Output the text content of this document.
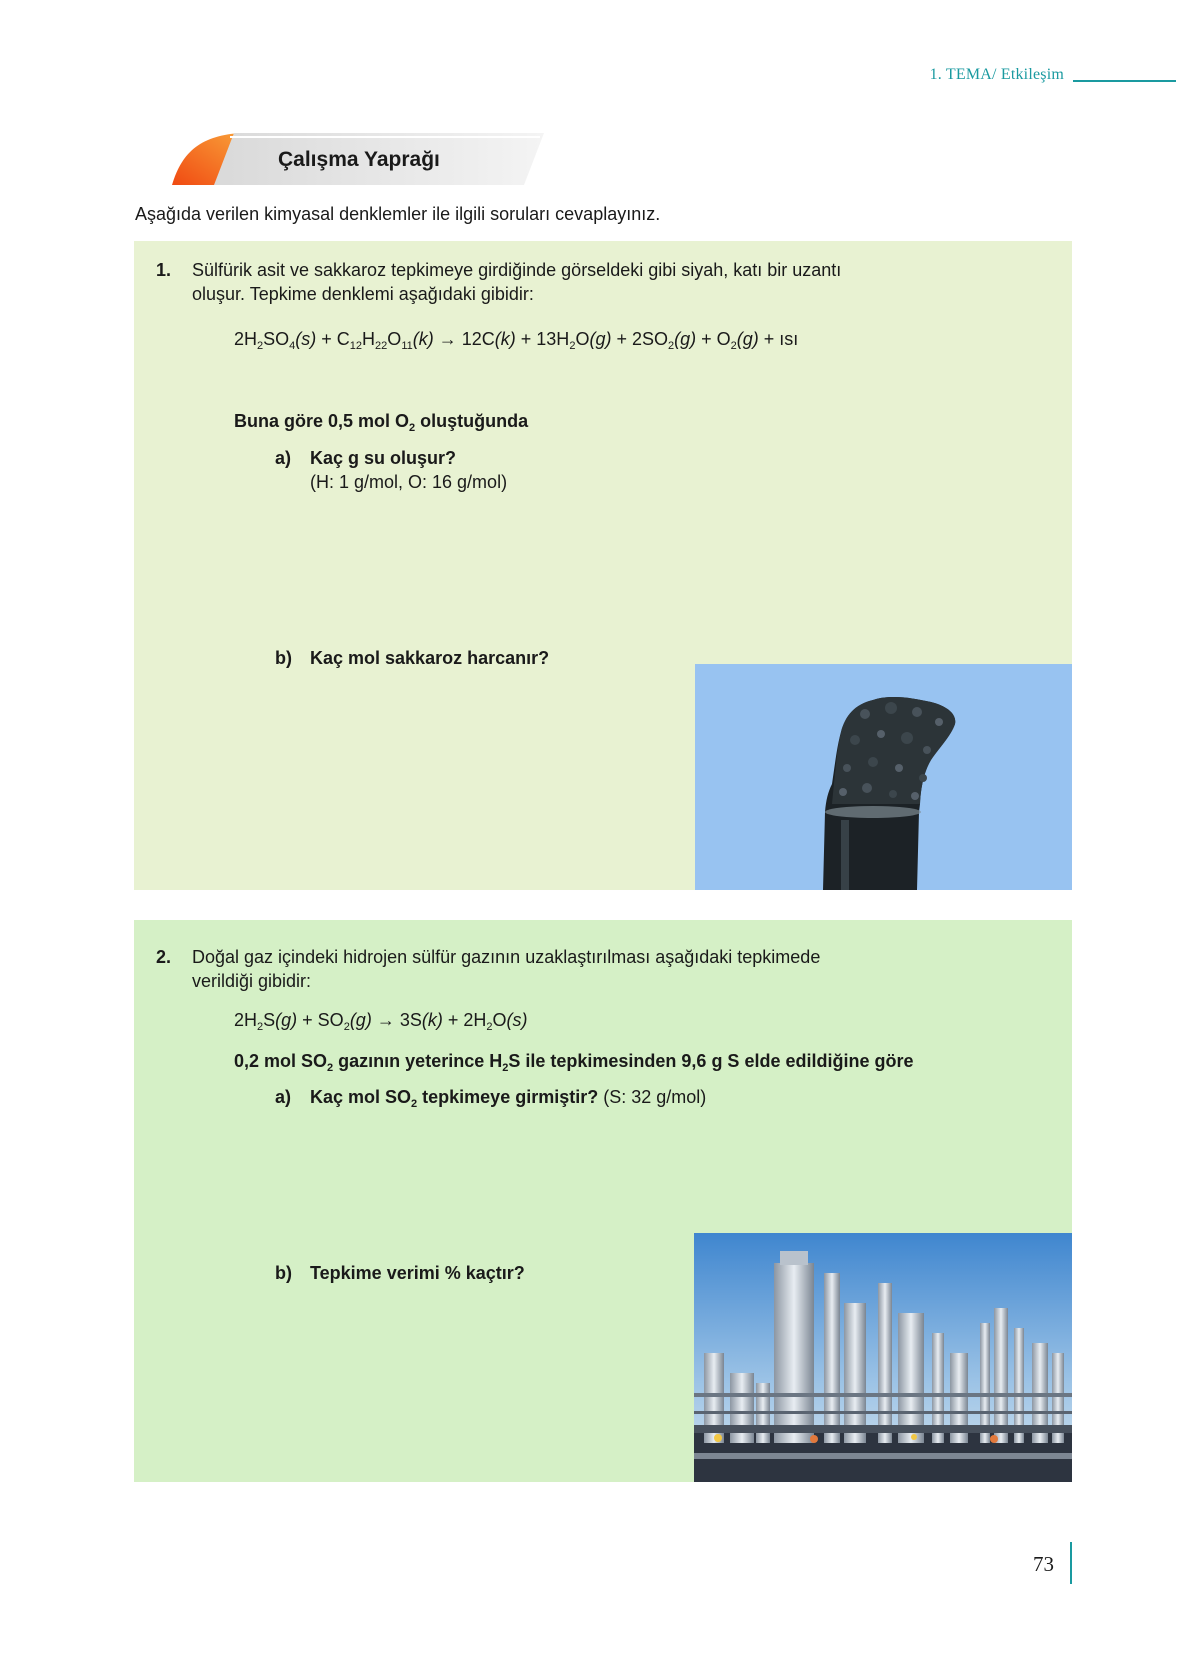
1. TEMA/ Etkileşim
Çalışma Yaprağı
Aşağıda verilen kimyasal denklemler ile ilgili soruları cevaplayınız.
1. Sülfürik asit ve sakkaroz tepkimeye girdiğinde görseldeki gibi siyah, katı bir uzantı
oluşur. Tepkime denklemi aşağıdaki gibidir:
$2H_2SO_4(s) + C_{12}H_{22}O_{11}(k) \to 12C(k) + 13H_2O(g) + 2SO_2(g) + O_2(g)$ + ısı
Buna göre 0,5 mol $O_2$ oluştuğunda
a) Kaç g su oluşur?
(H: 1 g/mol, O: 16 g/mol)
b) Kaç mol sakkaroz harcanır?
2. Doğal gaz içindeki hidrojen sülfür gazının uzaklaştırılması aşağıdaki tepkimede
verildiği gibidir:
$2H_2S(g) + SO_2(g) \to 3S(k) + 2H_2O(s)$
0,2 mol $SO_2$ gazının yeterince $H_2S$ ile tepkimesinden 9,6 g S elde edildiğine göre
a) Kaç mol $SO_2$ tepkimeye girmiştir? (S: 32 g/mol)
b) Tepkime verimi % kaçtır?
73
